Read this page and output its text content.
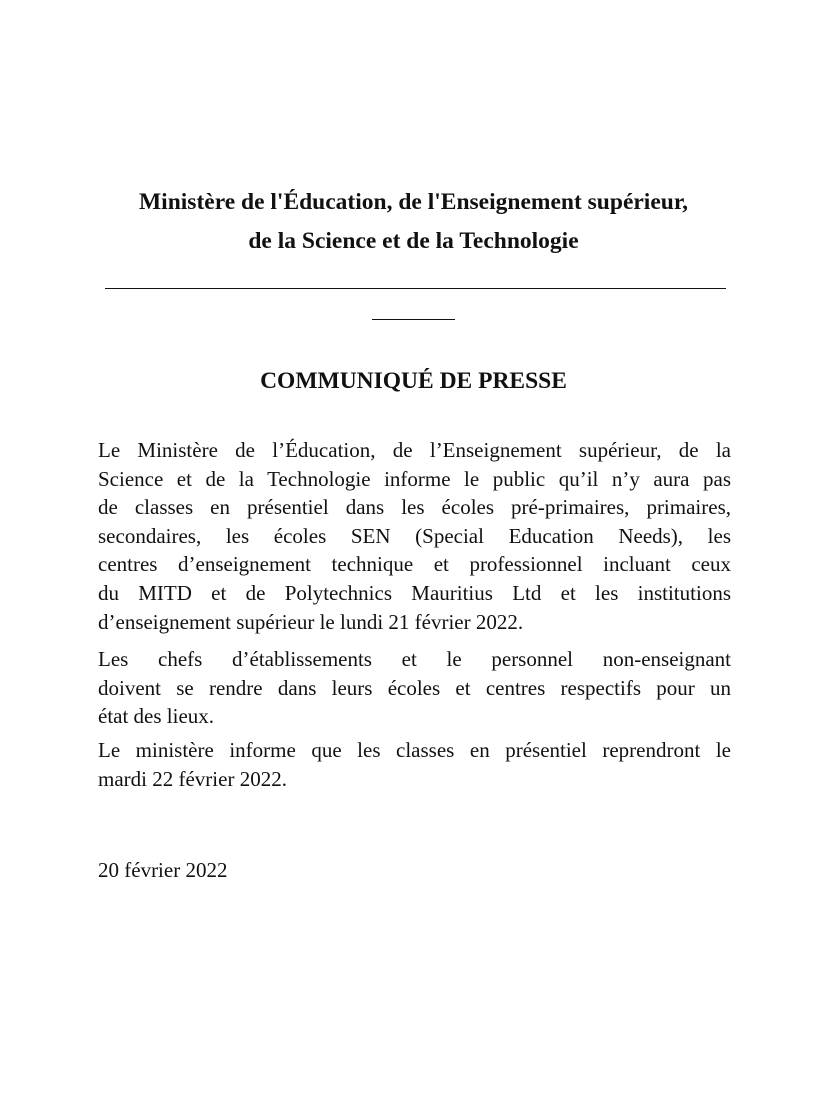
Ministère de l'Éducation, de l'Enseignement supérieur,
de la Science et de la Technologie
COMMUNIQUÉ DE PRESSE
Le Ministère de l’Éducation, de l’Enseignement supérieur, de la
Science et de la Technologie informe le public qu’il n’y aura pas
de classes en présentiel dans les écoles pré-primaires, primaires,
secondaires, les écoles SEN (Special Education Needs), les
centres d’enseignement technique et professionnel incluant ceux
du MITD et de Polytechnics Mauritius Ltd et les institutions
d’enseignement supérieur le lundi 21 février 2022.
Les chefs d’établissements et le personnel non-enseignant
doivent se rendre dans leurs écoles et centres respectifs pour un
état des lieux.
Le ministère informe que les classes en présentiel reprendront le
mardi 22 février 2022.
20 février 2022
